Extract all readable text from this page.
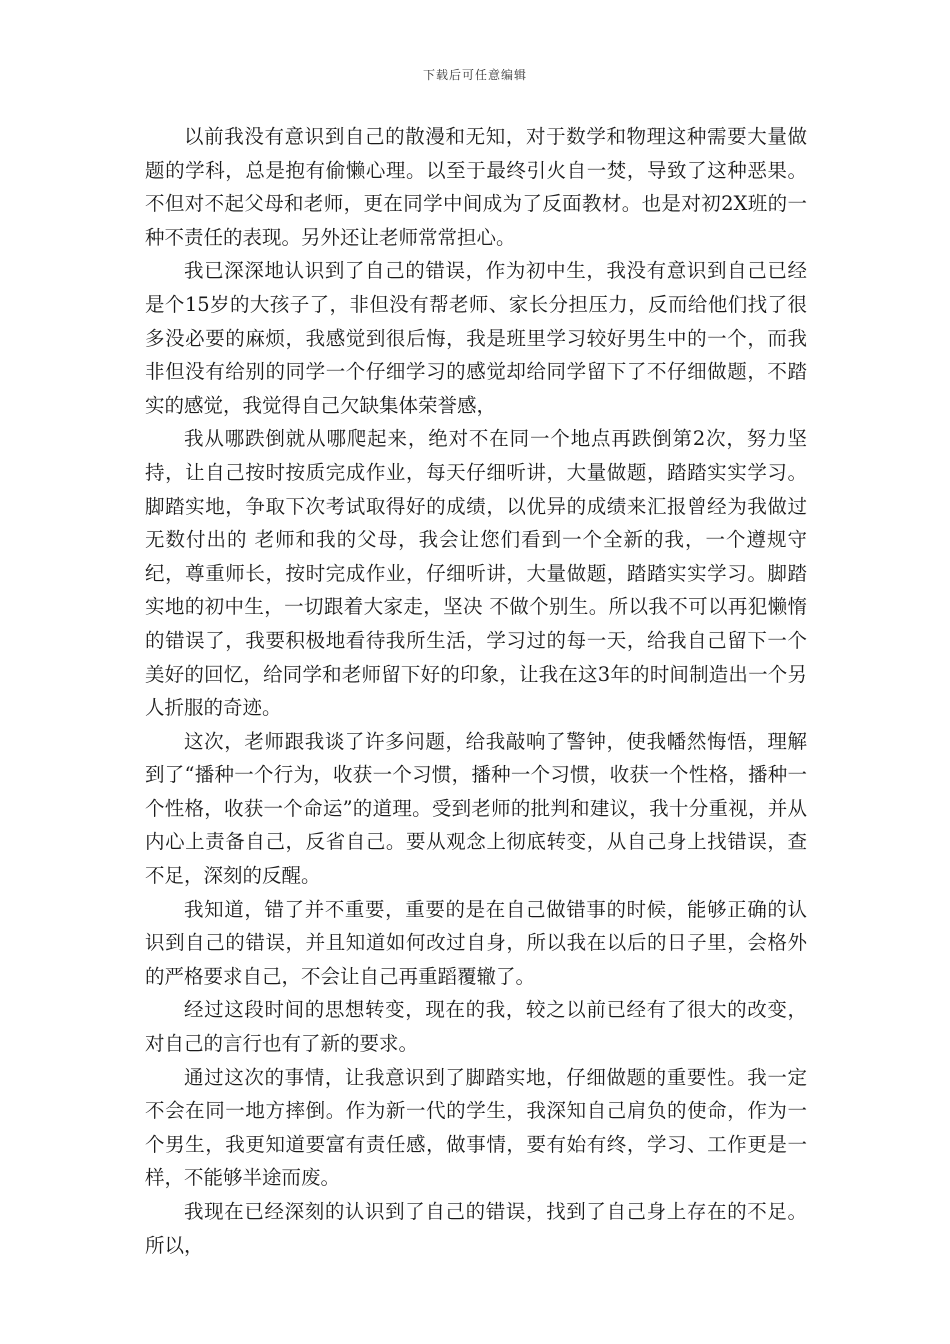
下载后可任意编辑

以前我没有意识到自己的散漫和无知，对于数学和物理这种需要大量做题的学科，总是抱有偷懒心理。以至于最终引火自一焚，导致了这种恶果。不但对不起父母和老师，更在同学中间成为了反面教材。也是对初2X班的一种不责任的表现。另外还让老师常常担心。

我已深深地认识到了自己的错误，作为初中生，我没有意识到自己已经是个15岁的大孩子了，非但没有帮老师、家长分担压力，反而给他们找了很多没必要的麻烦，我感觉到很后悔，我是班里学习较好男生中的一个，而我非但没有给别的同学一个仔细学习的感觉却给同学留下了不仔细做题，不踏实的感觉，我觉得自己欠缺集体荣誉感，

我从哪跌倒就从哪爬起来，绝对不在同一个地点再跌倒第2次，努力坚持，让自己按时按质完成作业，每天仔细听讲，大量做题，踏踏实实学习。脚踏实地，争取下次考试取得好的成绩，以优异的成绩来汇报曾经为我做过无数付出的 老师和我的父母，我会让您们看到一个全新的我，一个遵规守纪，尊重师长，按时完成作业，仔细听讲，大量做题，踏踏实实学习。脚踏实地的初中生，一切跟着大家走，坚决 不做个别生。所以我不可以再犯懒惰的错误了，我要积极地看待我所生活，学习过的每一天，给我自己留下一个美好的回忆，给同学和老师留下好的印象，让我在这3年的时间制造出一个另人折服的奇迹。

这次，老师跟我谈了许多问题，给我敲响了警钟，使我幡然悔悟，理解到了“播种一个行为，收获一个习惯，播种一个习惯，收获一个性格，播种一个性格，收获一个命运”的道理。受到老师的批判和建议，我十分重视，并从内心上责备自己，反省自己。要从观念上彻底转变，从自己身上找错误，查不足，深刻的反醒。

我知道，错了并不重要，重要的是在自己做错事的时候，能够正确的认识到自己的错误，并且知道如何改过自身，所以我在以后的日子里，会格外的严格要求自己，不会让自己再重蹈覆辙了。

经过这段时间的思想转变，现在的我，较之以前已经有了很大的改变，对自己的言行也有了新的要求。

通过这次的事情，让我意识到了脚踏实地，仔细做题的重要性。我一定不会在同一地方摔倒。作为新一代的学生，我深知自己肩负的使命，作为一个男生，我更知道要富有责任感，做事情，要有始有终，学习、工作更是一样，不能够半途而废。

我现在已经深刻的认识到了自己的错误，找到了自己身上存在的不足。所以，
